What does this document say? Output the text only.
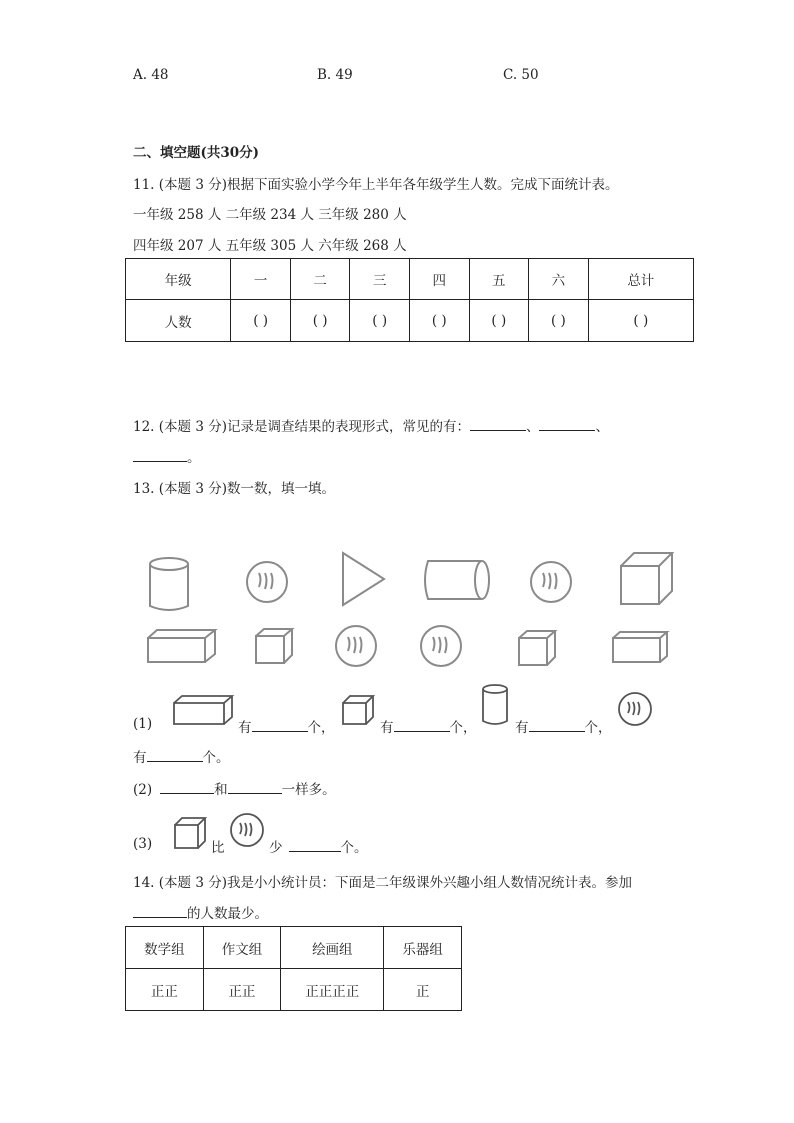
A. 48	B. 49	C. 50
二、填空题(共30分)
11. (本题 3 分)根据下面实验小学今年上半年各年级学生人数。完成下面统计表。
一年级 258 人 二年级 234 人 三年级 280 人
四年级 207 人 五年级 305 人 六年级 268 人
年级	一	二	三	四	五	六	总计
人数	( )	( )	( )	( )	( )	( )	( )
12. (本题 3 分)记录是调查结果的表现形式，常见的有：	、	、
。
13. (本题 3 分)数一数，填一填。
(1)	有	个，	有	个，	有	个，
有	个。
(2)	和	一样多。
(3)	比	少	个。
14. (本题 3 分)我是小小统计员：下面是二年级课外兴趣小组人数情况统计表。参加
的人数最少。
数学组	作文组	绘画组	乐器组
正正	正正	正正正正	正
